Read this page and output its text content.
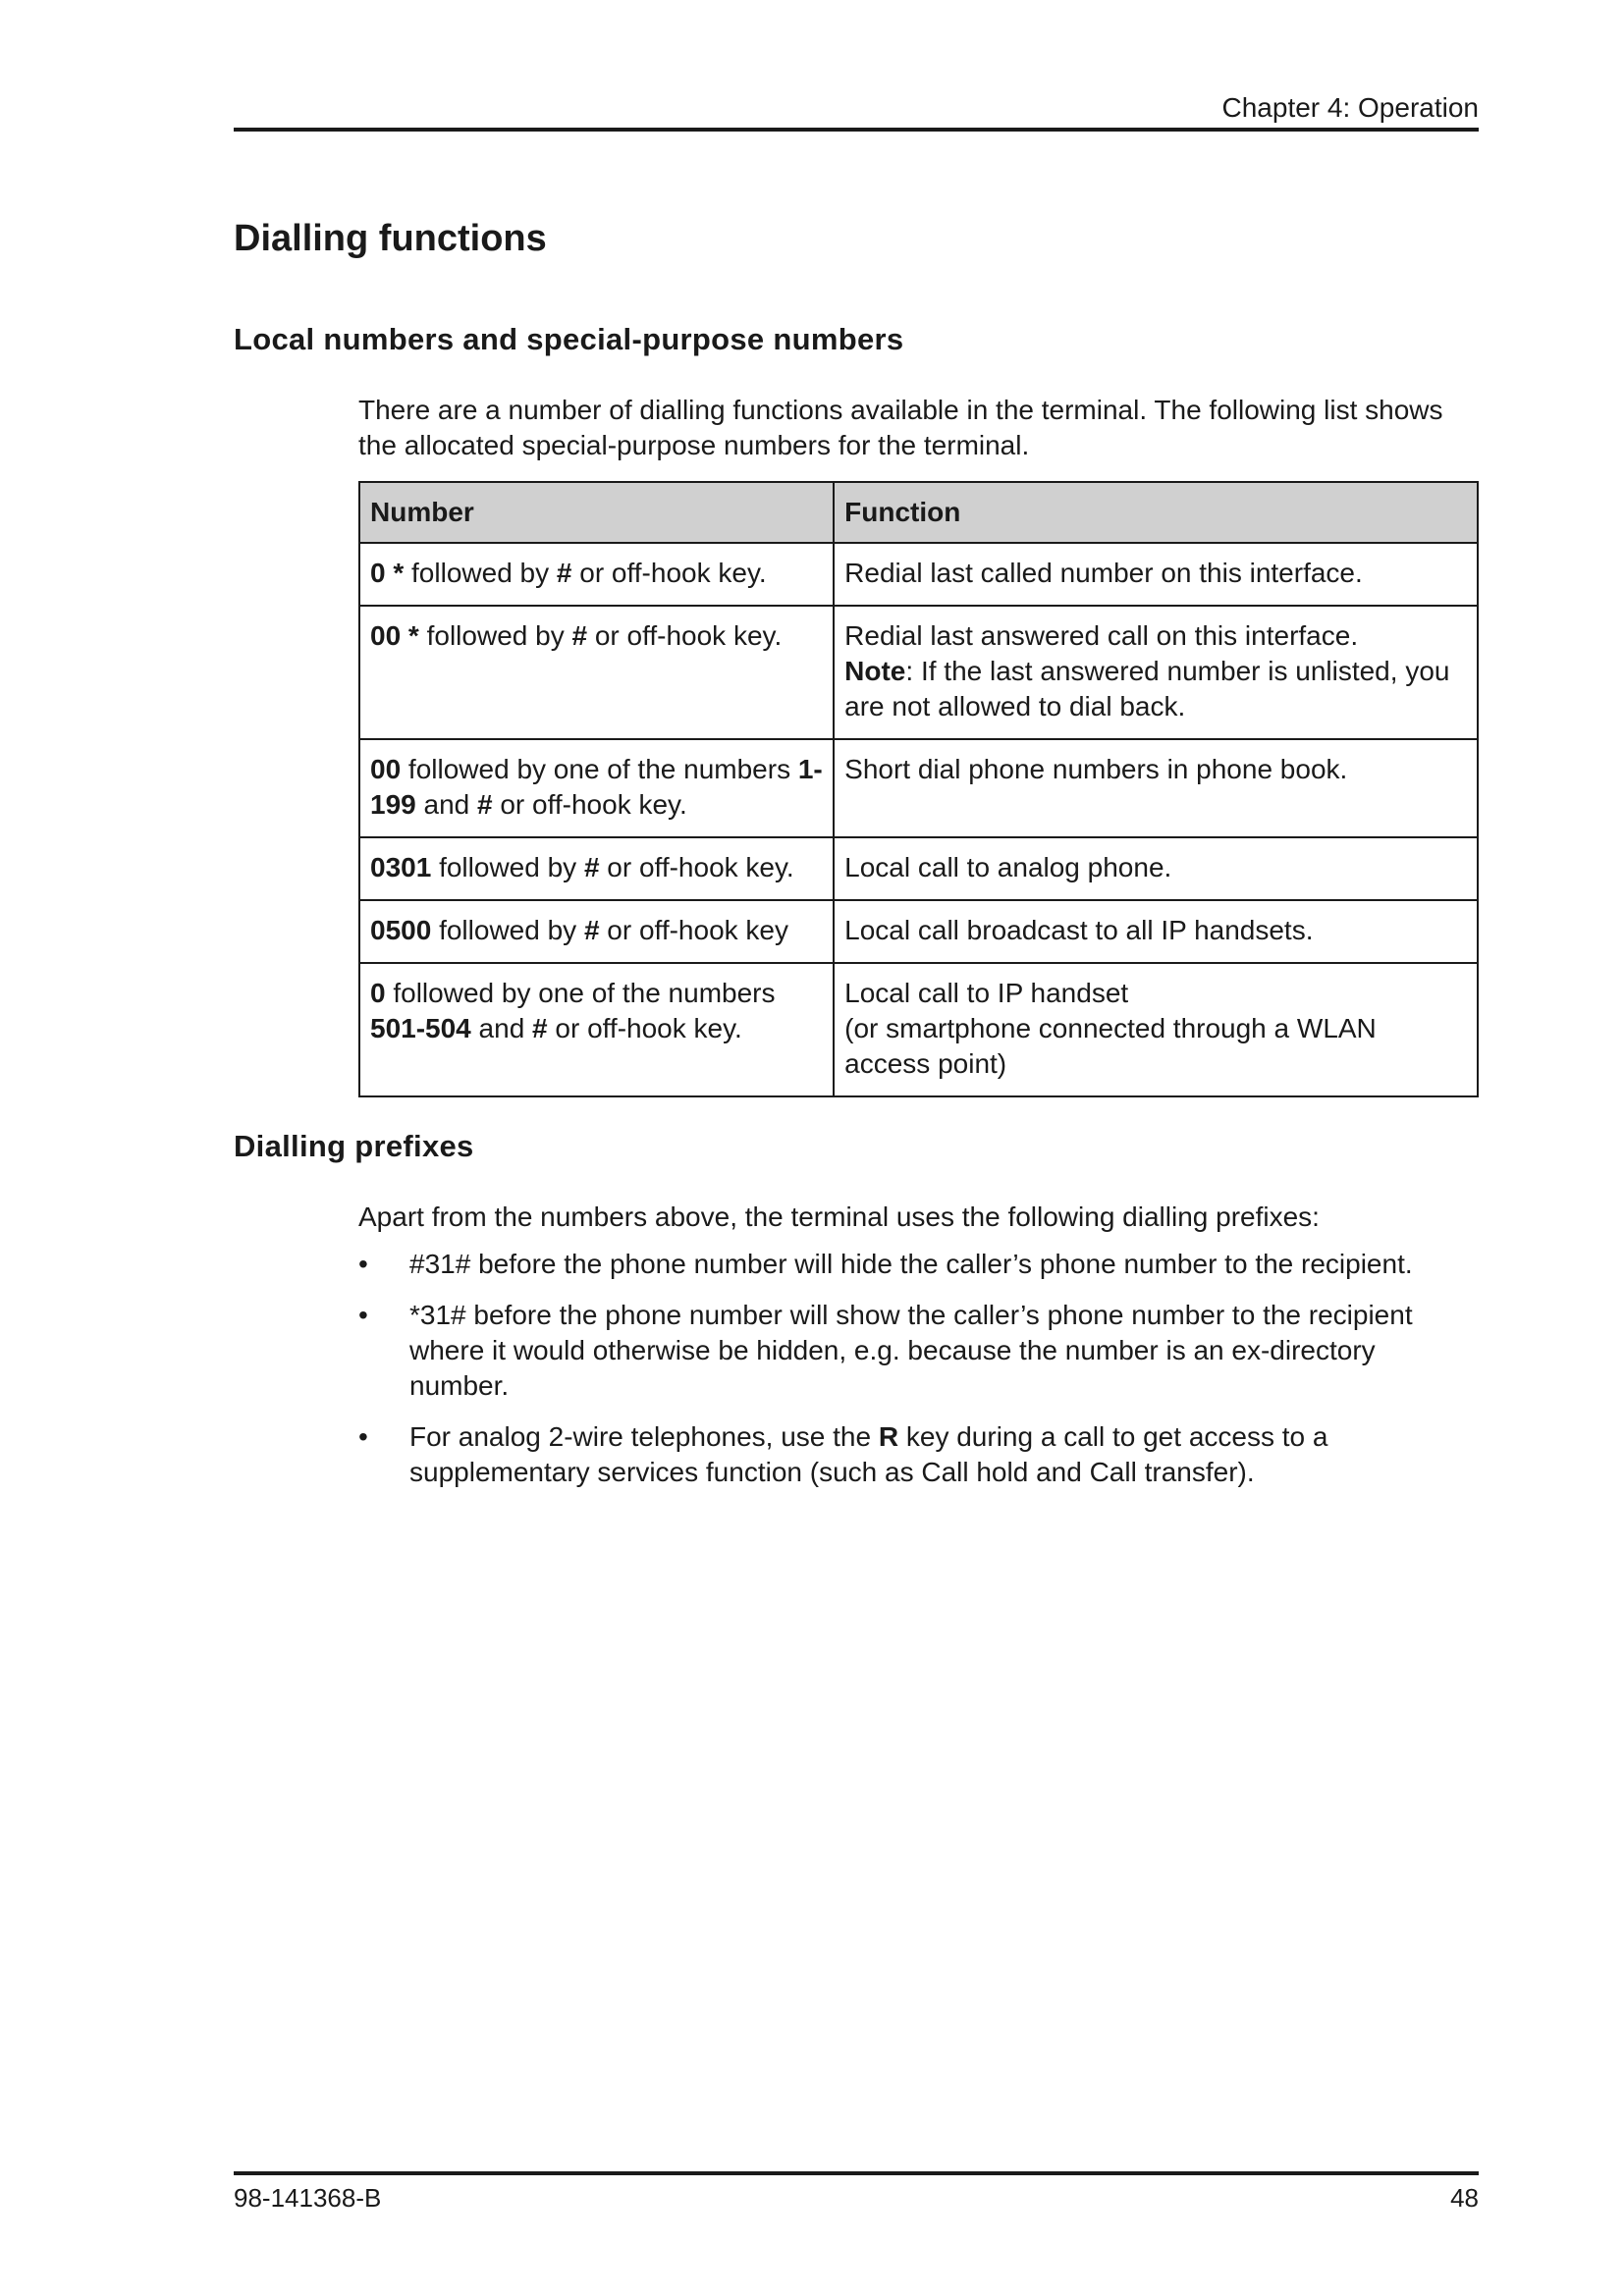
Chapter 4: Operation
Dialling functions
Local numbers and special-purpose numbers

There are a number of dialling functions available in the terminal. The following list shows the allocated special-purpose numbers for the terminal.

Number	Function
0 * followed by # or off-hook key.	Redial last called number on this interface.
00 * followed by # or off-hook key.	Redial last answered call on this interface.
Note: If the last answered number is unlisted, you are not allowed to dial back.
00 followed by one of the numbers 1-199 and # or off-hook key.	Short dial phone numbers in phone book.
0301 followed by # or off-hook key.	Local call to analog phone.
0500 followed by # or off-hook key	Local call broadcast to all IP handsets.
0 followed by one of the numbers 501-504 and # or off-hook key.	Local call to IP handset
(or smartphone connected through a WLAN access point)
Dialling prefixes

Apart from the numbers above, the terminal uses the following dialling prefixes:

• #31# before the phone number will hide the caller’s phone number to the recipient.
• *31# before the phone number will show the caller’s phone number to the recipient where it would otherwise be hidden, e.g. because the number is an ex-directory number.
• For analog 2-wire telephones, use the R key during a call to get access to a supplementary services function (such as Call hold and Call transfer).
98-141368-B	48
